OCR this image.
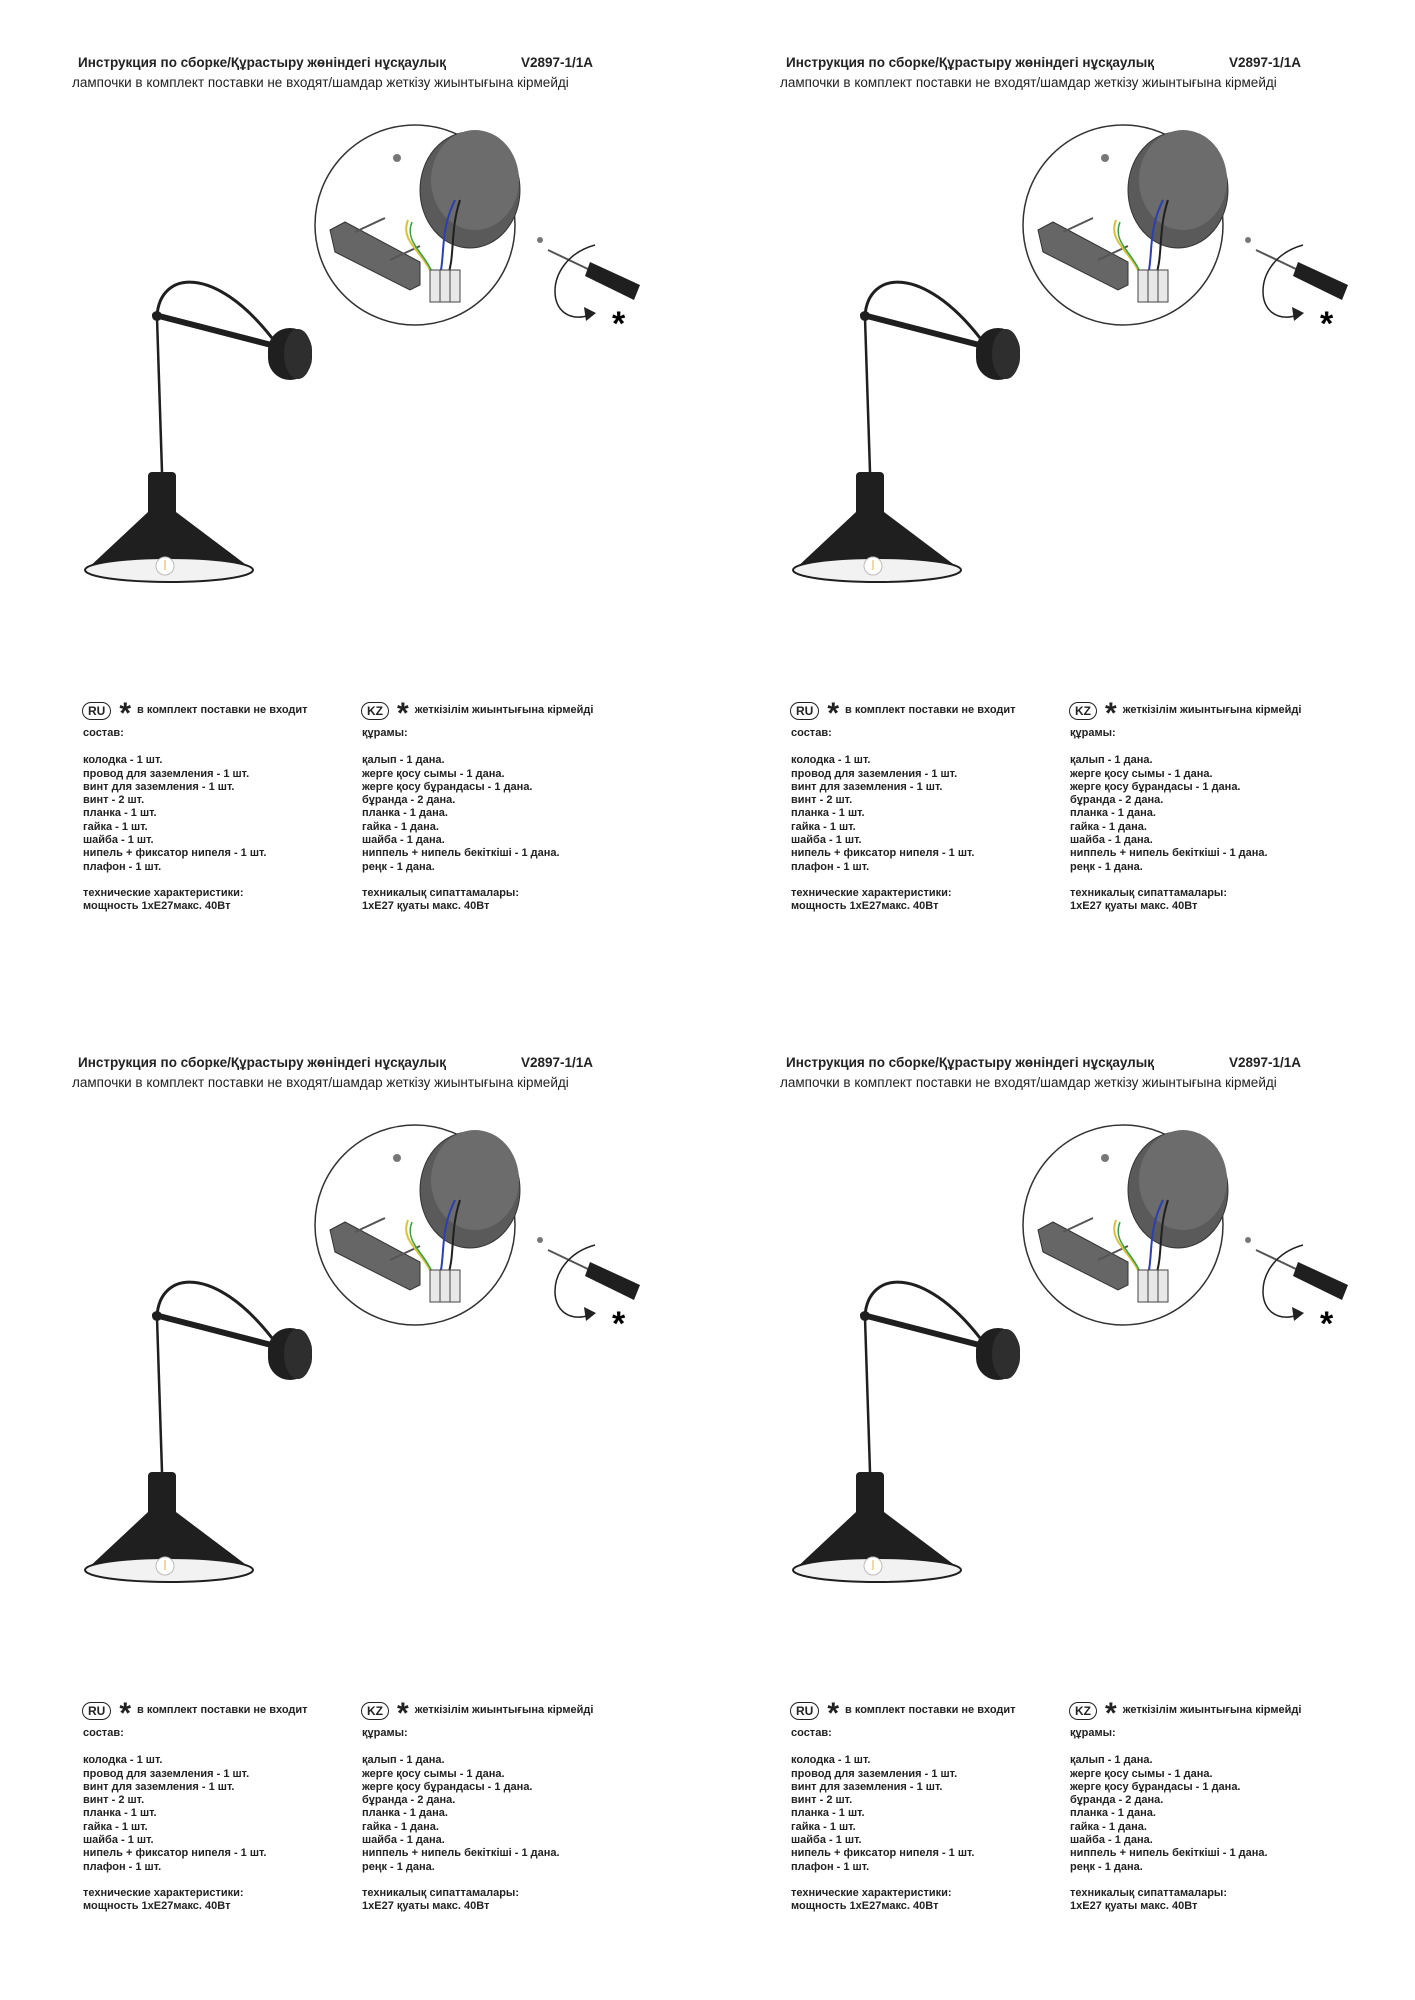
Инструкция по сборке/Құрастыру жөніндегі нұсқаулық	V2897-1/1A
лампочки в комплект поставки не входят/шамдар жеткізу жиынтығына кірмейді
*
RU * в комплект поставки не входит
состав:
колодка - 1 шт.
провод для заземления - 1 шт.
винт для заземления - 1 шт.
винт - 2 шт.
планка - 1 шт.
гайка - 1 шт.
шайба - 1 шт.
нипель + фиксатор нипеля - 1 шт.
плафон - 1 шт.
технические характеристики:
мощность 1хЕ27макс. 40Вт
KZ * жеткізілім жиынтығына кірмейді
құрамы:
қалып - 1 дана.
жерге қосу сымы - 1 дана.
жерге қосу бұрандасы - 1 дана.
бұранда - 2 дана.
планка - 1 дана.
гайка - 1 дана.
шайба - 1 дана.
ниппель + нипель бекіткіші - 1 дана.
реңк - 1 дана.
техникалық сипаттамалары:
1хЕ27 қуаты макс. 40Вт
Инструкция по сборке/Құрастыру жөніндегі нұсқаулық	V2897-1/1A
лампочки в комплект поставки не входят/шамдар жеткізу жиынтығына кірмейді
*
RU * в комплект поставки не входит
состав:
колодка - 1 шт.
провод для заземления - 1 шт.
винт для заземления - 1 шт.
винт - 2 шт.
планка - 1 шт.
гайка - 1 шт.
шайба - 1 шт.
нипель + фиксатор нипеля - 1 шт.
плафон - 1 шт.
технические характеристики:
мощность 1хЕ27макс. 40Вт
KZ * жеткізілім жиынтығына кірмейді
құрамы:
қалып - 1 дана.
жерге қосу сымы - 1 дана.
жерге қосу бұрандасы - 1 дана.
бұранда - 2 дана.
планка - 1 дана.
гайка - 1 дана.
шайба - 1 дана.
ниппель + нипель бекіткіші - 1 дана.
реңк - 1 дана.
техникалық сипаттамалары:
1хЕ27 қуаты макс. 40Вт
Инструкция по сборке/Құрастыру жөніндегі нұсқаулық	V2897-1/1A
лампочки в комплект поставки не входят/шамдар жеткізу жиынтығына кірмейді
*
RU * в комплект поставки не входит
состав:
колодка - 1 шт.
провод для заземления - 1 шт.
винт для заземления - 1 шт.
винт - 2 шт.
планка - 1 шт.
гайка - 1 шт.
шайба - 1 шт.
нипель + фиксатор нипеля - 1 шт.
плафон - 1 шт.
технические характеристики:
мощность 1хЕ27макс. 40Вт
KZ * жеткізілім жиынтығына кірмейді
құрамы:
қалып - 1 дана.
жерге қосу сымы - 1 дана.
жерге қосу бұрандасы - 1 дана.
бұранда - 2 дана.
планка - 1 дана.
гайка - 1 дана.
шайба - 1 дана.
ниппель + нипель бекіткіші - 1 дана.
реңк - 1 дана.
техникалық сипаттамалары:
1хЕ27 қуаты макс. 40Вт
Инструкция по сборке/Құрастыру жөніндегі нұсқаулық	V2897-1/1A
лампочки в комплект поставки не входят/шамдар жеткізу жиынтығына кірмейді
*
RU * в комплект поставки не входит
состав:
колодка - 1 шт.
провод для заземления - 1 шт.
винт для заземления - 1 шт.
винт - 2 шт.
планка - 1 шт.
гайка - 1 шт.
шайба - 1 шт.
нипель + фиксатор нипеля - 1 шт.
плафон - 1 шт.
технические характеристики:
мощность 1хЕ27макс. 40Вт
KZ * жеткізілім жиынтығына кірмейді
құрамы:
қалып - 1 дана.
жерге қосу сымы - 1 дана.
жерге қосу бұрандасы - 1 дана.
бұранда - 2 дана.
планка - 1 дана.
гайка - 1 дана.
шайба - 1 дана.
ниппель + нипель бекіткіші - 1 дана.
реңк - 1 дана.
техникалық сипаттамалары:
1хЕ27 қуаты макс. 40Вт
